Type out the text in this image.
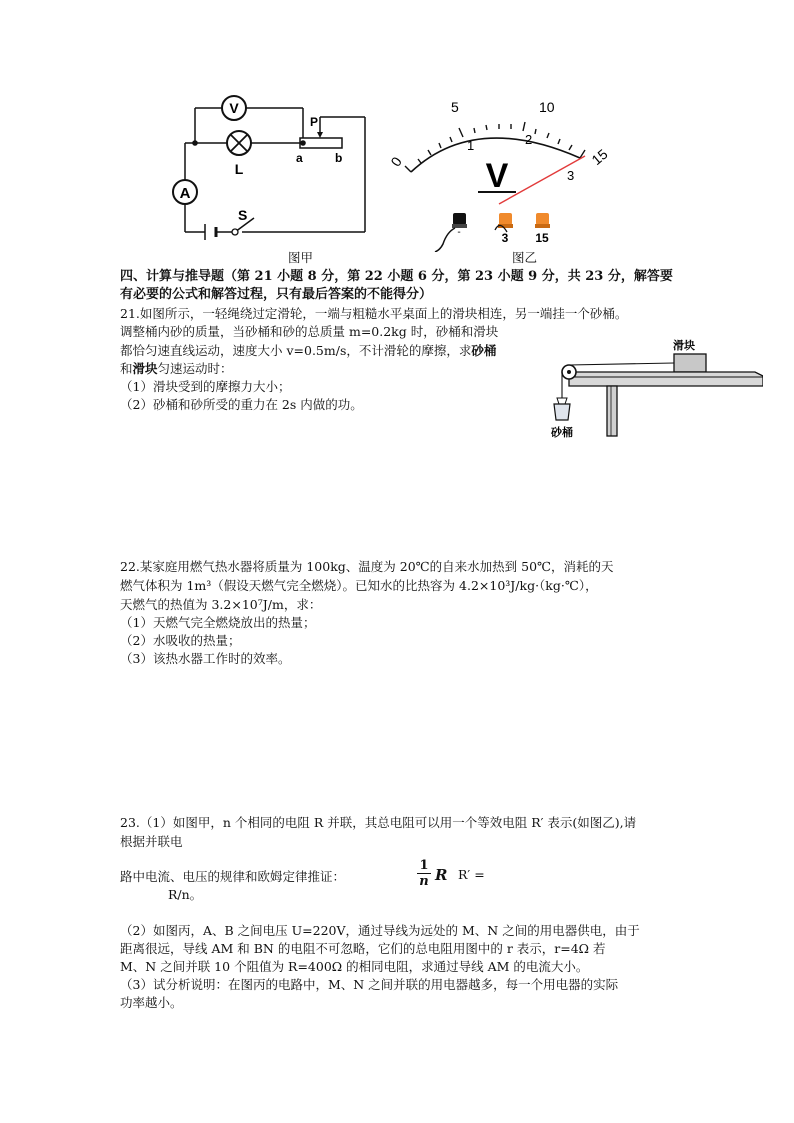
V
L
P
a	b
A
S
图甲
0
5	10
15
1	2
3
V
-	3 15
图乙
四、计算与推导题（第 21 小题 8 分，第 22 小题 6 分，第 23 小题 9 分，共 23 分，解答要
有必要的公式和解答过程，只有最后答案的不能得分）
21.如图所示，一轻绳绕过定滑轮，一端与粗糙水平桌面上的滑块相连，另一端挂一个砂桶。
调整桶内砂的质量，当砂桶和砂的总质量 m=0.2kg 时，砂桶和滑块
都恰匀速直线运动，速度大小 v=0.5m/s，不计滑轮的摩擦，求砂桶
和滑块匀速运动时：
（1）滑块受到的摩擦力大小；
（2）砂桶和砂所受的重力在 2s 内做的功。
滑块
砂桶
22.某家庭用燃气热水器将质量为 100kg、温度为 20℃的自来水加热到 50℃，消耗的天
燃气体积为 1m³（假设天燃气完全燃烧）。已知水的比热容为 4.2×10³J/kg·（kg·℃），
天燃气的热值为 3.2×10⁷J/m，求：
（1）天燃气完全燃烧放出的热量；
（2）水吸收的热量；
（3）该热水器工作时的效率。
23.（1）如图甲，n 个相同的电阻 R 并联，其总电阻可以用一个等效电阻 R′ 表示(如图乙),请
根据并联电
路中电流、电压的规律和欧姆定律推证：	$\frac{1}{n}$ R R′ =
R/n。
（2）如图丙，A、B 之间电压 U=220V，通过导线为远处的 M、N 之间的用电器供电，由于
距离很远，导线 AM 和 BN 的电阻不可忽略，它们的总电阻用图中的 r 表示，r=4Ω 若
M、N 之间并联 10 个阻值为 R=400Ω 的相同电阻，求通过导线 AM 的电流大小。
（3）试分析说明：在图丙的电路中，M、N 之间并联的用电器越多，每一个用电器的实际
功率越小。
